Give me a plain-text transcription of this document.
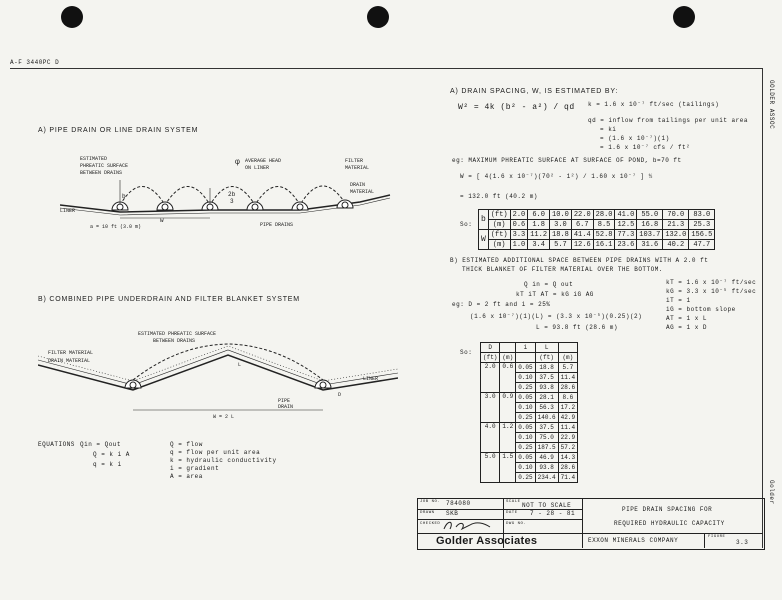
A-F 3440PC D
GOLDER ASSOC
Golder
A) PIPE DRAIN OR LINE DRAIN SYSTEM
b
w
2b
3
φ
a = 10 ft (3.0 m)
ESTIMATED
PHREATIC SURFACE
BETWEEN DRAINS
AVERAGE HEAD
ON LINER
FILTER
MATERIAL
DRAIN
MATERIAL
LINER
PIPE DRAINS
B) COMBINED PIPE UNDERDRAIN AND FILTER BLANKET SYSTEM
W = 2 L
L
D
ESTIMATED PHREATIC SURFACE
BETWEEN DRAINS
FILTER MATERIAL
DRAIN MATERIAL
LINER
PIPE
DRAIN
EQUATIONS Qin = Qout
Q = k i A
q = k i
Q = flow
q = flow per unit area
k = hydraulic conductivity
i = gradient
A = area
A) DRAIN SPACING, W, IS ESTIMATED BY:
W² = 4k (b² - a²) / qd k = 1.6 x 10⁻⁷ ft/sec (tailings)
qd = inflow from tailings per unit area
= ki
= (1.6 x 10⁻⁷)(1)
= 1.6 x 10⁻⁷ cfs / ft²
eg: MAXIMUM PHREATIC SURFACE AT SURFACE OF POND, b=70 ft
W = [ 4(1.6 x 10⁻⁷)(70² - 1²) / 1.60 x 10⁻⁷ ] ½
= 132.0 ft (40.2 m)
So:
b	(ft)	2.0	6.0	10.0	22.0	28.0	41.0	55.0	70.0	83.0
	(m)	0.6	1.8	3.0	6.7	8.5	12.5	16.8	21.3	25.3
W	(ft)	3.3	11.2	18.8	41.4	52.8	77.3	103.7	132.0	156.5
	(m)	1.0	3.4	5.7	12.6	16.1	23.6	31.6	40.2	47.7
B) ESTIMATED ADDITIONAL SPACE BETWEEN PIPE DRAINS WITH A 2.0 ft
THICK BLANKET OF FILTER MATERIAL OVER THE BOTTOM.
Q in = Q out
kT iT AT = kG iG AG
eg: D = 2 ft and i = 25%
(1.6 x 10⁻⁷)(1)(L) = (3.3 x 10⁻⁵)(0.25)(2)
L = 93.8 ft (28.6 m)
kT = 1.6 x 10⁻⁷ ft/sec
kG = 3.3 x 10⁻⁵ ft/sec
iT = 1
iG = bottom slope
AT = 1 x L
AG = 1 x D
So:
D		i	L	
(ft)	(m)		(ft)	(m)
2.0	0.6	0.05	18.8	5.7
		0.10	37.5	11.4
		0.25	93.8	28.6
3.0	0.9	0.05	28.1	8.6
		0.10	56.3	17.2
		0.25	140.6	42.9
4.0	1.2	0.05	37.5	11.4
		0.10	75.0	22.9
		0.25	187.5	57.2
5.0	1.5	0.05	46.9	14.3
		0.10	93.8	28.6
		0.25	234.4	71.4
JOB NO. 784080
DRAWN SKB
CHECKED
SCALE NOT TO SCALE
DATE 7 - 28 - 81
DWG NO.
Golder Associates
PIPE DRAIN SPACING FOR
REQUIRED HYDRAULIC CAPACITY
EXXON MINERALS COMPANY	FIGURE
3.3
